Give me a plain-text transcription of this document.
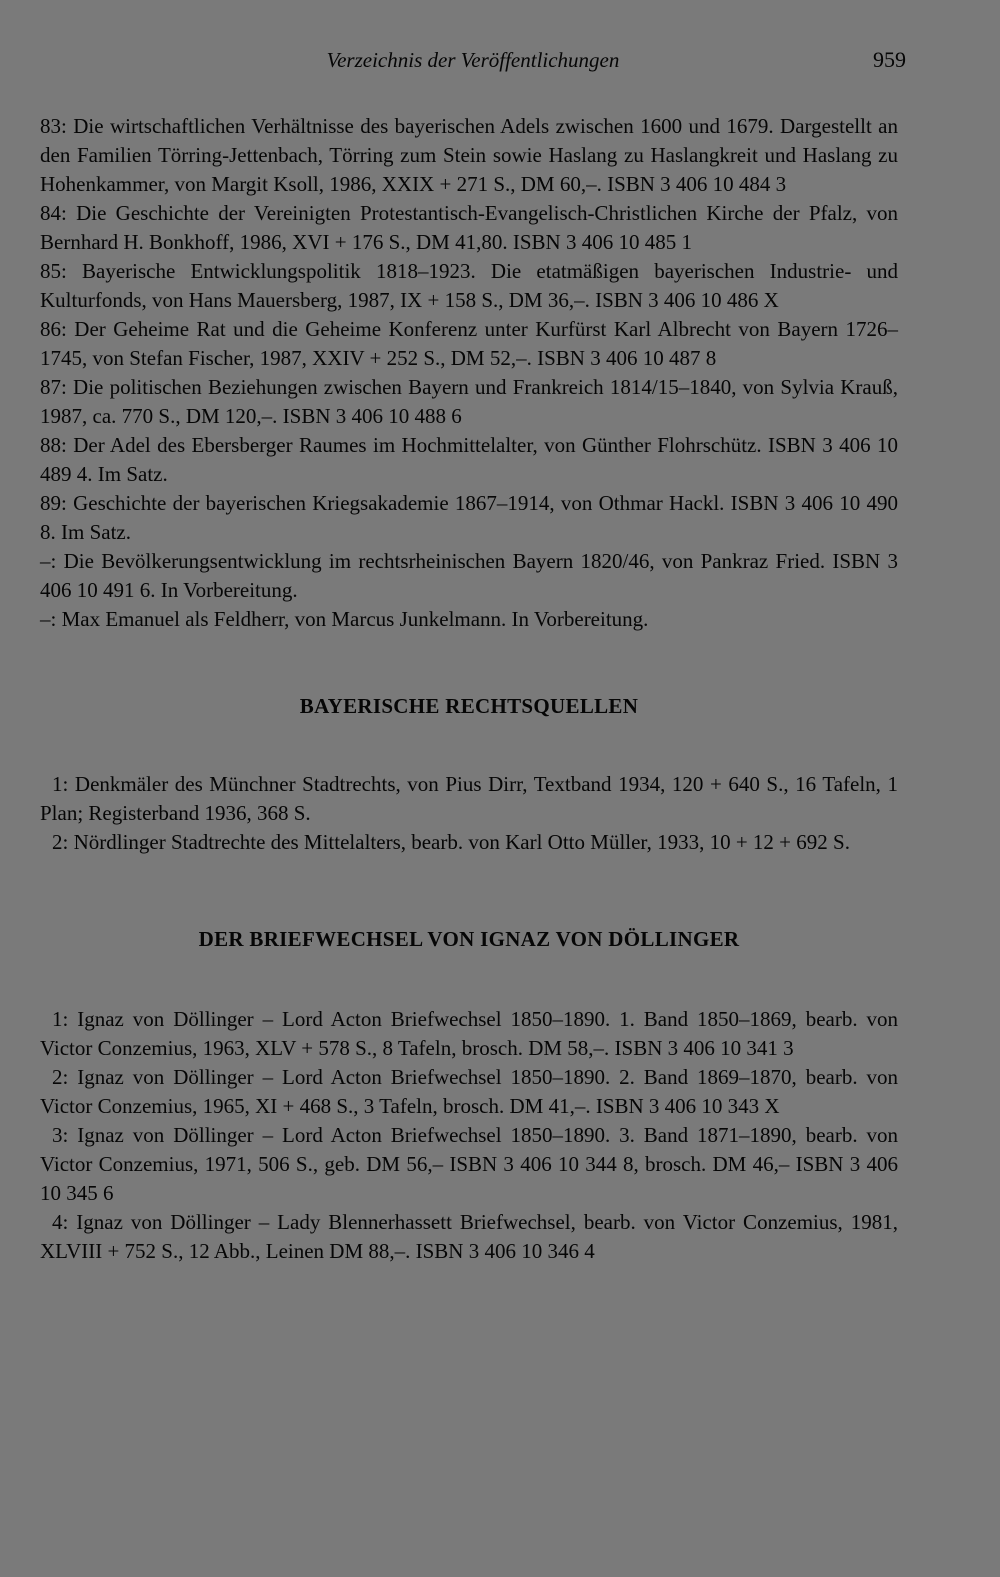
Verzeichnis der Veröffentlichungen	959

83: Die wirtschaftlichen Verhältnisse des bayerischen Adels zwischen 1600 und 1679. Dargestellt an den Familien Törring-Jettenbach, Törring zum Stein sowie Haslang zu Haslangkreit und Haslang zu Hohenkammer, von Margit Ksoll, 1986, XXIX + 271 S., DM 60,–. ISBN 3 406 10 484 3

84: Die Geschichte der Vereinigten Protestantisch-Evangelisch-Christlichen Kirche der Pfalz, von Bernhard H. Bonkhoff, 1986, XVI + 176 S., DM 41,80. ISBN 3 406 10 485 1

85: Bayerische Entwicklungspolitik 1818–1923. Die etatmäßigen bayerischen Industrie- und Kulturfonds, von Hans Mauersberg, 1987, IX + 158 S., DM 36,–. ISBN 3 406 10 486 X

86: Der Geheime Rat und die Geheime Konferenz unter Kurfürst Karl Albrecht von Bayern 1726–1745, von Stefan Fischer, 1987, XXIV + 252 S., DM 52,–. ISBN 3 406 10 487 8

87: Die politischen Beziehungen zwischen Bayern und Frankreich 1814/15–1840, von Sylvia Krauß, 1987, ca. 770 S., DM 120,–. ISBN 3 406 10 488 6

88: Der Adel des Ebersberger Raumes im Hochmittelalter, von Günther Flohrschütz. ISBN 3 406 10 489 4. Im Satz.

89: Geschichte der bayerischen Kriegsakademie 1867–1914, von Othmar Hackl. ISBN 3 406 10 490 8. Im Satz.

–: Die Bevölkerungsentwicklung im rechtsrheinischen Bayern 1820/46, von Pankraz Fried. ISBN 3 406 10 491 6. In Vorbereitung.

–: Max Emanuel als Feldherr, von Marcus Junkelmann. In Vorbereitung.

BAYERISCHE RECHTSQUELLEN

1: Denkmäler des Münchner Stadtrechts, von Pius Dirr, Textband 1934, 120 + 640 S., 16 Tafeln, 1 Plan; Registerband 1936, 368 S.

2: Nördlinger Stadtrechte des Mittelalters, bearb. von Karl Otto Müller, 1933, 10 + 12 + 692 S.

DER BRIEFWECHSEL VON IGNAZ VON DÖLLINGER

1: Ignaz von Döllinger – Lord Acton Briefwechsel 1850–1890. 1. Band 1850–1869, bearb. von Victor Conzemius, 1963, XLV + 578 S., 8 Tafeln, brosch. DM 58,–. ISBN 3 406 10 341 3

2: Ignaz von Döllinger – Lord Acton Briefwechsel 1850–1890. 2. Band 1869–1870, bearb. von Victor Conzemius, 1965, XI + 468 S., 3 Tafeln, brosch. DM 41,–. ISBN 3 406 10 343 X

3: Ignaz von Döllinger – Lord Acton Briefwechsel 1850–1890. 3. Band 1871–1890, bearb. von Victor Conzemius, 1971, 506 S., geb. DM 56,– ISBN 3 406 10 344 8, brosch. DM 46,– ISBN 3 406 10 345 6

4: Ignaz von Döllinger – Lady Blennerhassett Briefwechsel, bearb. von Victor Conzemius, 1981, XLVIII + 752 S., 12 Abb., Leinen DM 88,–. ISBN 3 406 10 346 4
